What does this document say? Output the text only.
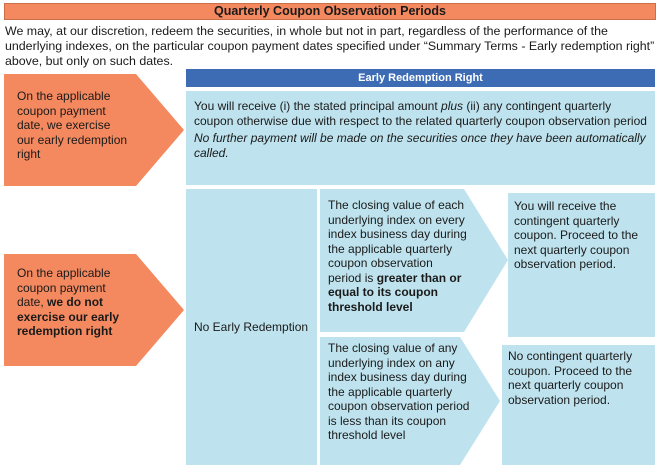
Quarterly Coupon Observation Periods
We may, at our discretion, redeem the securities, in whole but not in part, regardless of the performance of the underlying indexes, on the particular coupon payment dates specified under “Summary Terms - Early redemption right” above, but only on such dates.
On the applicable coupon payment date, we exercise our early redemption right
On the applicable coupon payment date, we do not exercise our early redemption right
Early Redemption Right
You will receive (i) the stated principal amount plus (ii) any contingent quarterly coupon otherwise due with respect to the related quarterly coupon observation period
No further payment will be made on the securities once they have been automatically called.
No Early Redemption
The closing value of each underlying index on every index business day during the applicable quarterly coupon observation period is greater than or equal to its coupon threshold level
The closing value of any underlying index on any index business day during the applicable quarterly coupon observation period is less than its coupon threshold level
You will receive the contingent quarterly coupon. Proceed to the next quarterly coupon observation period.
No contingent quarterly coupon. Proceed to the next quarterly coupon observation period.
